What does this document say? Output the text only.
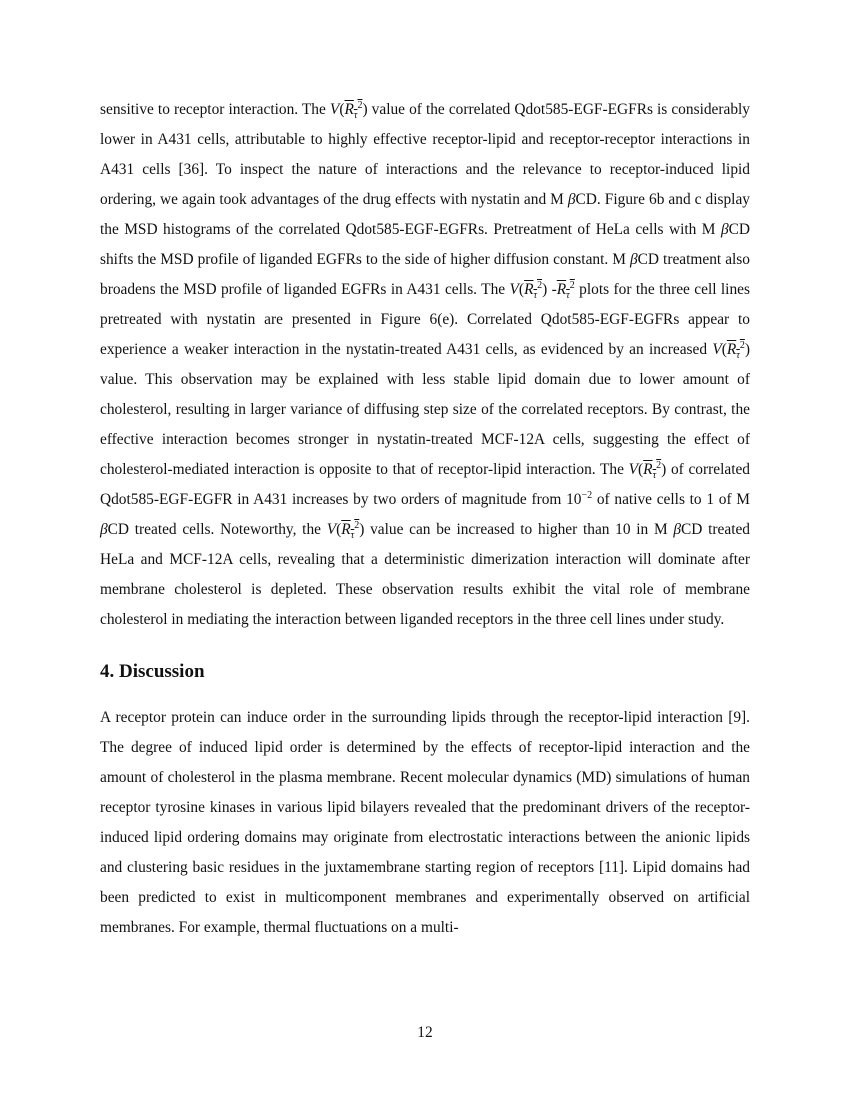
sensitive to receptor interaction. The $V(R_\tau^2)$ value of the correlated Qdot585-EGF-EGFRs is considerably lower in A431 cells, attributable to highly effective receptor-lipid and receptor-receptor interactions in A431 cells [36]. To inspect the nature of interactions and the relevance to receptor-induced lipid ordering, we again took advantages of the drug effects with nystatin and M βCD. Figure 6b and c display the MSD histograms of the correlated Qdot585-EGF-EGFRs. Pretreatment of HeLa cells with M βCD shifts the MSD profile of liganded EGFRs to the side of higher diffusion constant. M βCD treatment also broadens the MSD profile of liganded EGFRs in A431 cells. The $V(R_\tau^2)$ $-R_\tau^2$ plots for the three cell lines pretreated with nystatin are presented in Figure 6(e). Correlated Qdot585-EGF-EGFRs appear to experience a weaker interaction in the nystatin-treated A431 cells, as evidenced by an increased $V(R_\tau^2)$ value. This observation may be explained with less stable lipid domain due to lower amount of cholesterol, resulting in larger variance of diffusing step size of the correlated receptors. By contrast, the effective interaction becomes stronger in nystatin-treated MCF-12A cells, suggesting the effect of cholesterol-mediated interaction is opposite to that of receptor-lipid interaction. The $V(R_\tau^2)$ of correlated Qdot585-EGF-EGFR in A431 increases by two orders of magnitude from $10^{-2}$ of native cells to 1 of M βCD treated cells. Noteworthy, the $V(R_\tau^2)$ value can be increased to higher than 10 in M βCD treated HeLa and MCF-12A cells, revealing that a deterministic dimerization interaction will dominate after membrane cholesterol is depleted. These observation results exhibit the vital role of membrane cholesterol in mediating the interaction between liganded receptors in the three cell lines under study.

4. Discussion

A receptor protein can induce order in the surrounding lipids through the receptor-lipid interaction [9]. The degree of induced lipid order is determined by the effects of receptor-lipid interaction and the amount of cholesterol in the plasma membrane. Recent molecular dynamics (MD) simulations of human receptor tyrosine kinases in various lipid bilayers revealed that the predominant drivers of the receptor-induced lipid ordering domains may originate from electrostatic interactions between the anionic lipids and clustering basic residues in the juxtamembrane starting region of receptors [11]. Lipid domains had been predicted to exist in multicomponent membranes and experimentally observed on artificial membranes. For example, thermal fluctuations on a multi-

12
